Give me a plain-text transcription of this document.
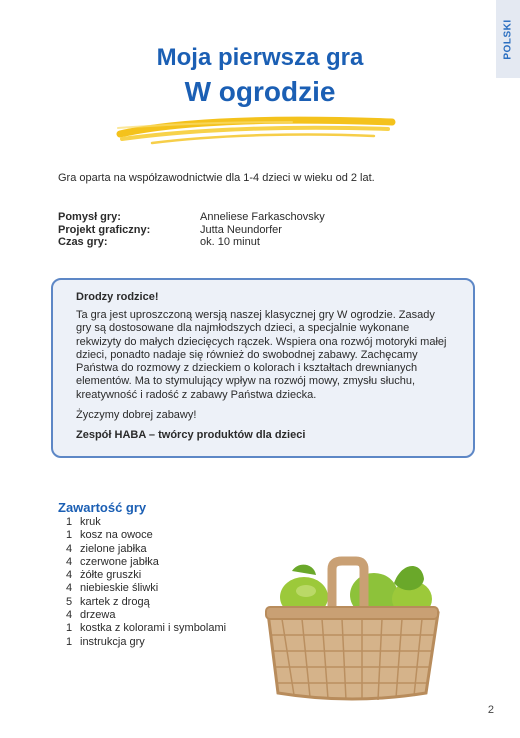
POLSKI
Moja pierwsza gra
W ogrodzie

Gra oparta na współzawodnictwie dla 1-4 dzieci w wieku od 2 lat.

Pomysł gry:	Anneliese Farkaschovsky
Projekt graficzny:	Jutta Neundorfer
Czas gry:	ok. 10 minut

Drodzy rodzice!

Ta gra jest uproszczoną wersją naszej klasycznej gry W ogrodzie. Zasady gry są dostosowane dla najmłodszych dzieci, a specjalnie wykonane rekwizyty do małych dziecięcych rączek. Wspiera ona rozwój motoryki małej dzieci, ponadto nadaje się również do swobodnej zabawy. Zachęcamy Państwa do rozmowy z dzieckiem o kolorach i kształtach drewnianych elementów. Ma to stymulujący wpływ na rozwój mowy, zmysłu słuchu, kreatywność i radość z zabawy Państwa dziecka.

Życzymy dobrej zabawy!

Zespół HABA – twórcy produktów dla dzieci

Zawartość gry
1 kruk
1 kosz na owoce
4 zielone jabłka
4 czerwone jabłka
4 żółte gruszki
4 niebieskie śliwki
5 kartek z drogą
4 drzewa
1 kostka z kolorami i symbolami
1 instrukcja gry
2
